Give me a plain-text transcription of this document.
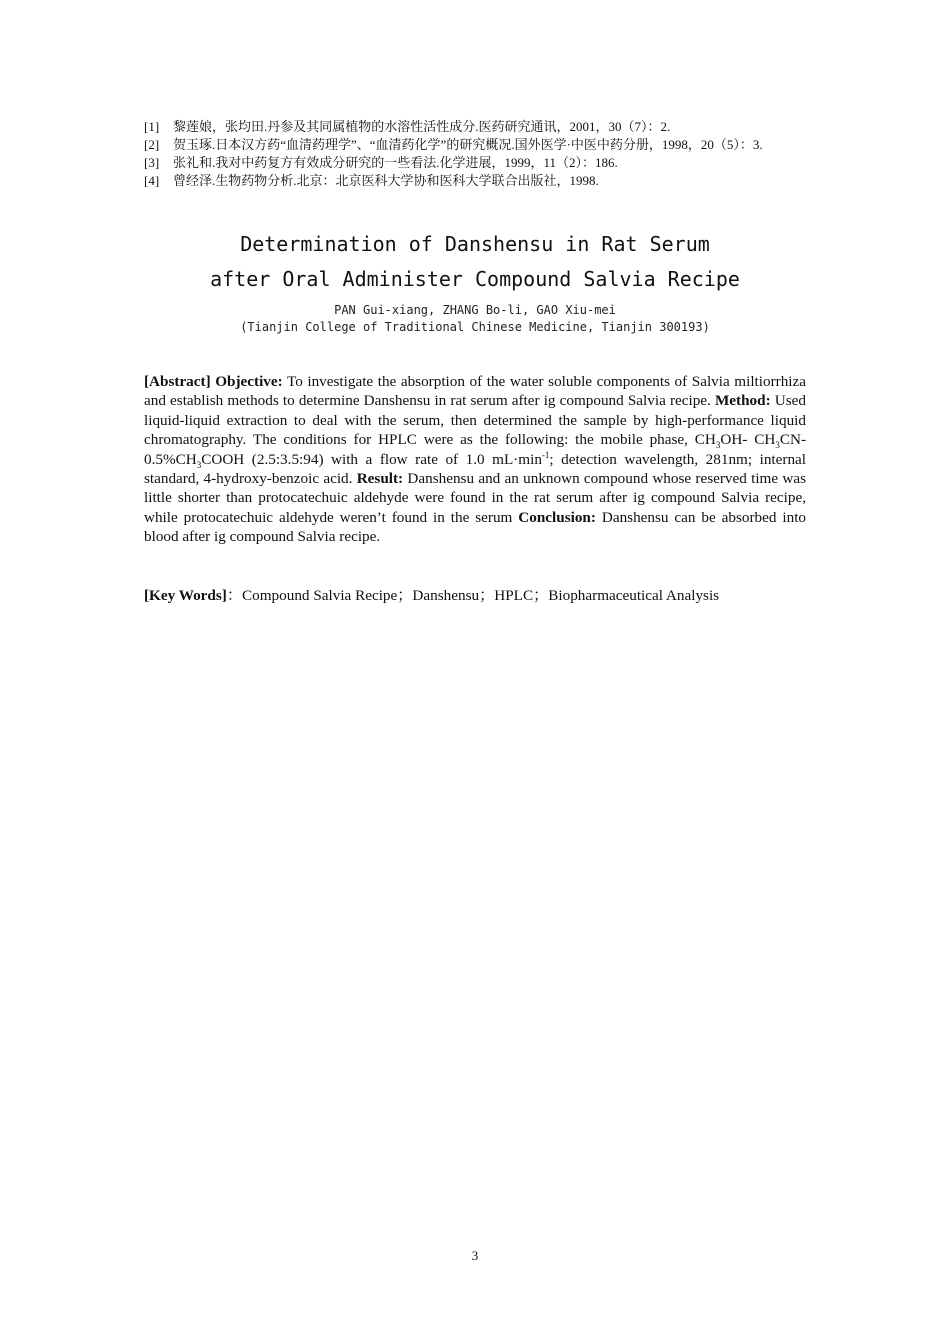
[1]	黎莲娘，张均田.丹参及其同属植物的水溶性活性成分.医药研究通讯，2001，30（7）：2.
[2]	贺玉琢.日本汉方药“血清药理学”、“血清药化学”的研究概况.国外医学·中医中药分册，1998，20（5）：3.
[3]	张礼和.我对中药复方有效成分研究的一些看法.化学进展，1999，11（2）：186.
[4]	曾经泽.生物药物分析.北京：北京医科大学协和医科大学联合出版社，1998.
Determination of Danshensu in Rat Serum
after Oral Administer Compound Salvia Recipe
PAN Gui-xiang, ZHANG Bo-li, GAO Xiu-mei
(Tianjin College of Traditional Chinese Medicine, Tianjin 300193)
[Abstract] Objective: To investigate the absorption of the water soluble components of Salvia miltiorrhiza and establish methods to determine Danshensu in rat serum after ig compound Salvia recipe. Method: Used liquid-liquid extraction to deal with the serum, then determined the sample by high-performance liquid chromatography. The conditions for HPLC were as the following: the mobile phase, $CH_3OH-$ $CH_3CN-$ $0.5\%CH_3COOH$ (2.5:3.5:94) with a flow rate of 1.0 $mL\cdot\min^{-1}$; detection wavelength, 281nm; internal standard, 4-hydroxy-benzoic acid. Result: Danshensu and an unknown compound whose reserved time was little shorter than protocatechuic aldehyde were found in the rat serum after ig compound Salvia recipe, while protocatechuic aldehyde weren’t found in the serum Conclusion: Danshensu can be absorbed into blood after ig compound Salvia recipe.
[Key Words]：Compound Salvia Recipe；Danshensu；HPLC；Biopharmaceutical Analysis
3
